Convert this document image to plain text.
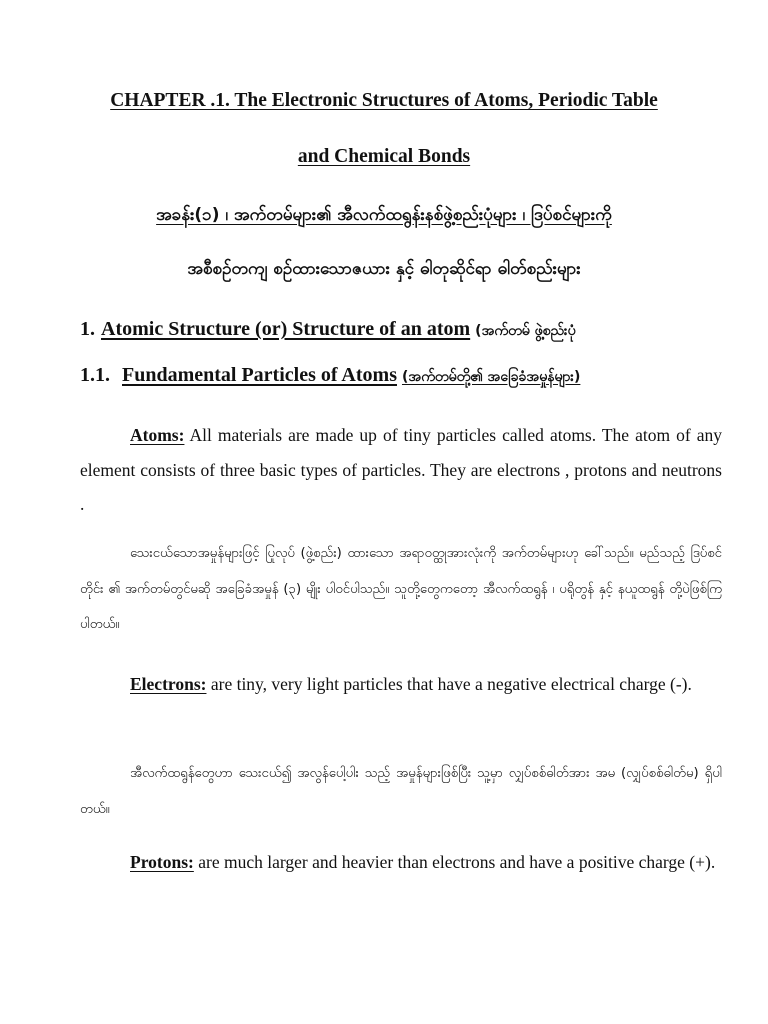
CHAPTER .1. The Electronic Structures of Atoms, Periodic Table
and Chemical Bonds
အခန်း(၁) ၊ အက်တမ်များ၏ အီလက်ထရွန်းနစ်ဖွဲ့စည်းပုံများ ၊ ဒြပ်စင်များကို
အစီစဉ်တကျ စဉ်ထားသောဇယား နှင့် ဓါတုဆိုင်ရာ ဓါတ်စည်းများ
1. Atomic Structure (or) Structure of an atom (အက်တမ် ဖွဲ့စည်းပုံ
1.1. Fundamental Particles of Atoms (အက်တမ်တို့၏ အခြေခံအမှုန်များ)
Atoms: All materials are made up of tiny particles called atoms. The atom of any element consists of three basic types of particles. They are electrons , protons and neutrons .
သေးငယ်သောအမှုန်များဖြင့် ပြုလုပ် (ဖွဲ့စည်း) ထားသော အရာဝတ္ထုအားလုံးကို အက်တမ်များဟု ခေါ်သည်။ မည်သည့် ဒြပ်စင်တိုင်း ၏ အက်တမ်တွင်မဆို အခြေခံအမှုန် (၃) မျိုး ပါဝင်ပါသည်။ သူတို့တွေကတော့ အီလက်ထရွန် ၊ ပရိုတွန် နှင့် နယူထရွန် တို့ပဲဖြစ်ကြပါတယ်။
Electrons: are tiny, very light particles that have a negative electrical charge (-).
အီလက်ထရွန်တွေဟာ သေးငယ်၍ အလွန်ပေါ့ပါး သည့် အမှုန်များဖြစ်ပြီး သူ့မှာ လျှပ်စစ်ဓါတ်အား အမ (လျှပ်စစ်ဓါတ်မ) ရှိပါတယ်။
Protons: are much larger and heavier than electrons and have a positive charge (+).
